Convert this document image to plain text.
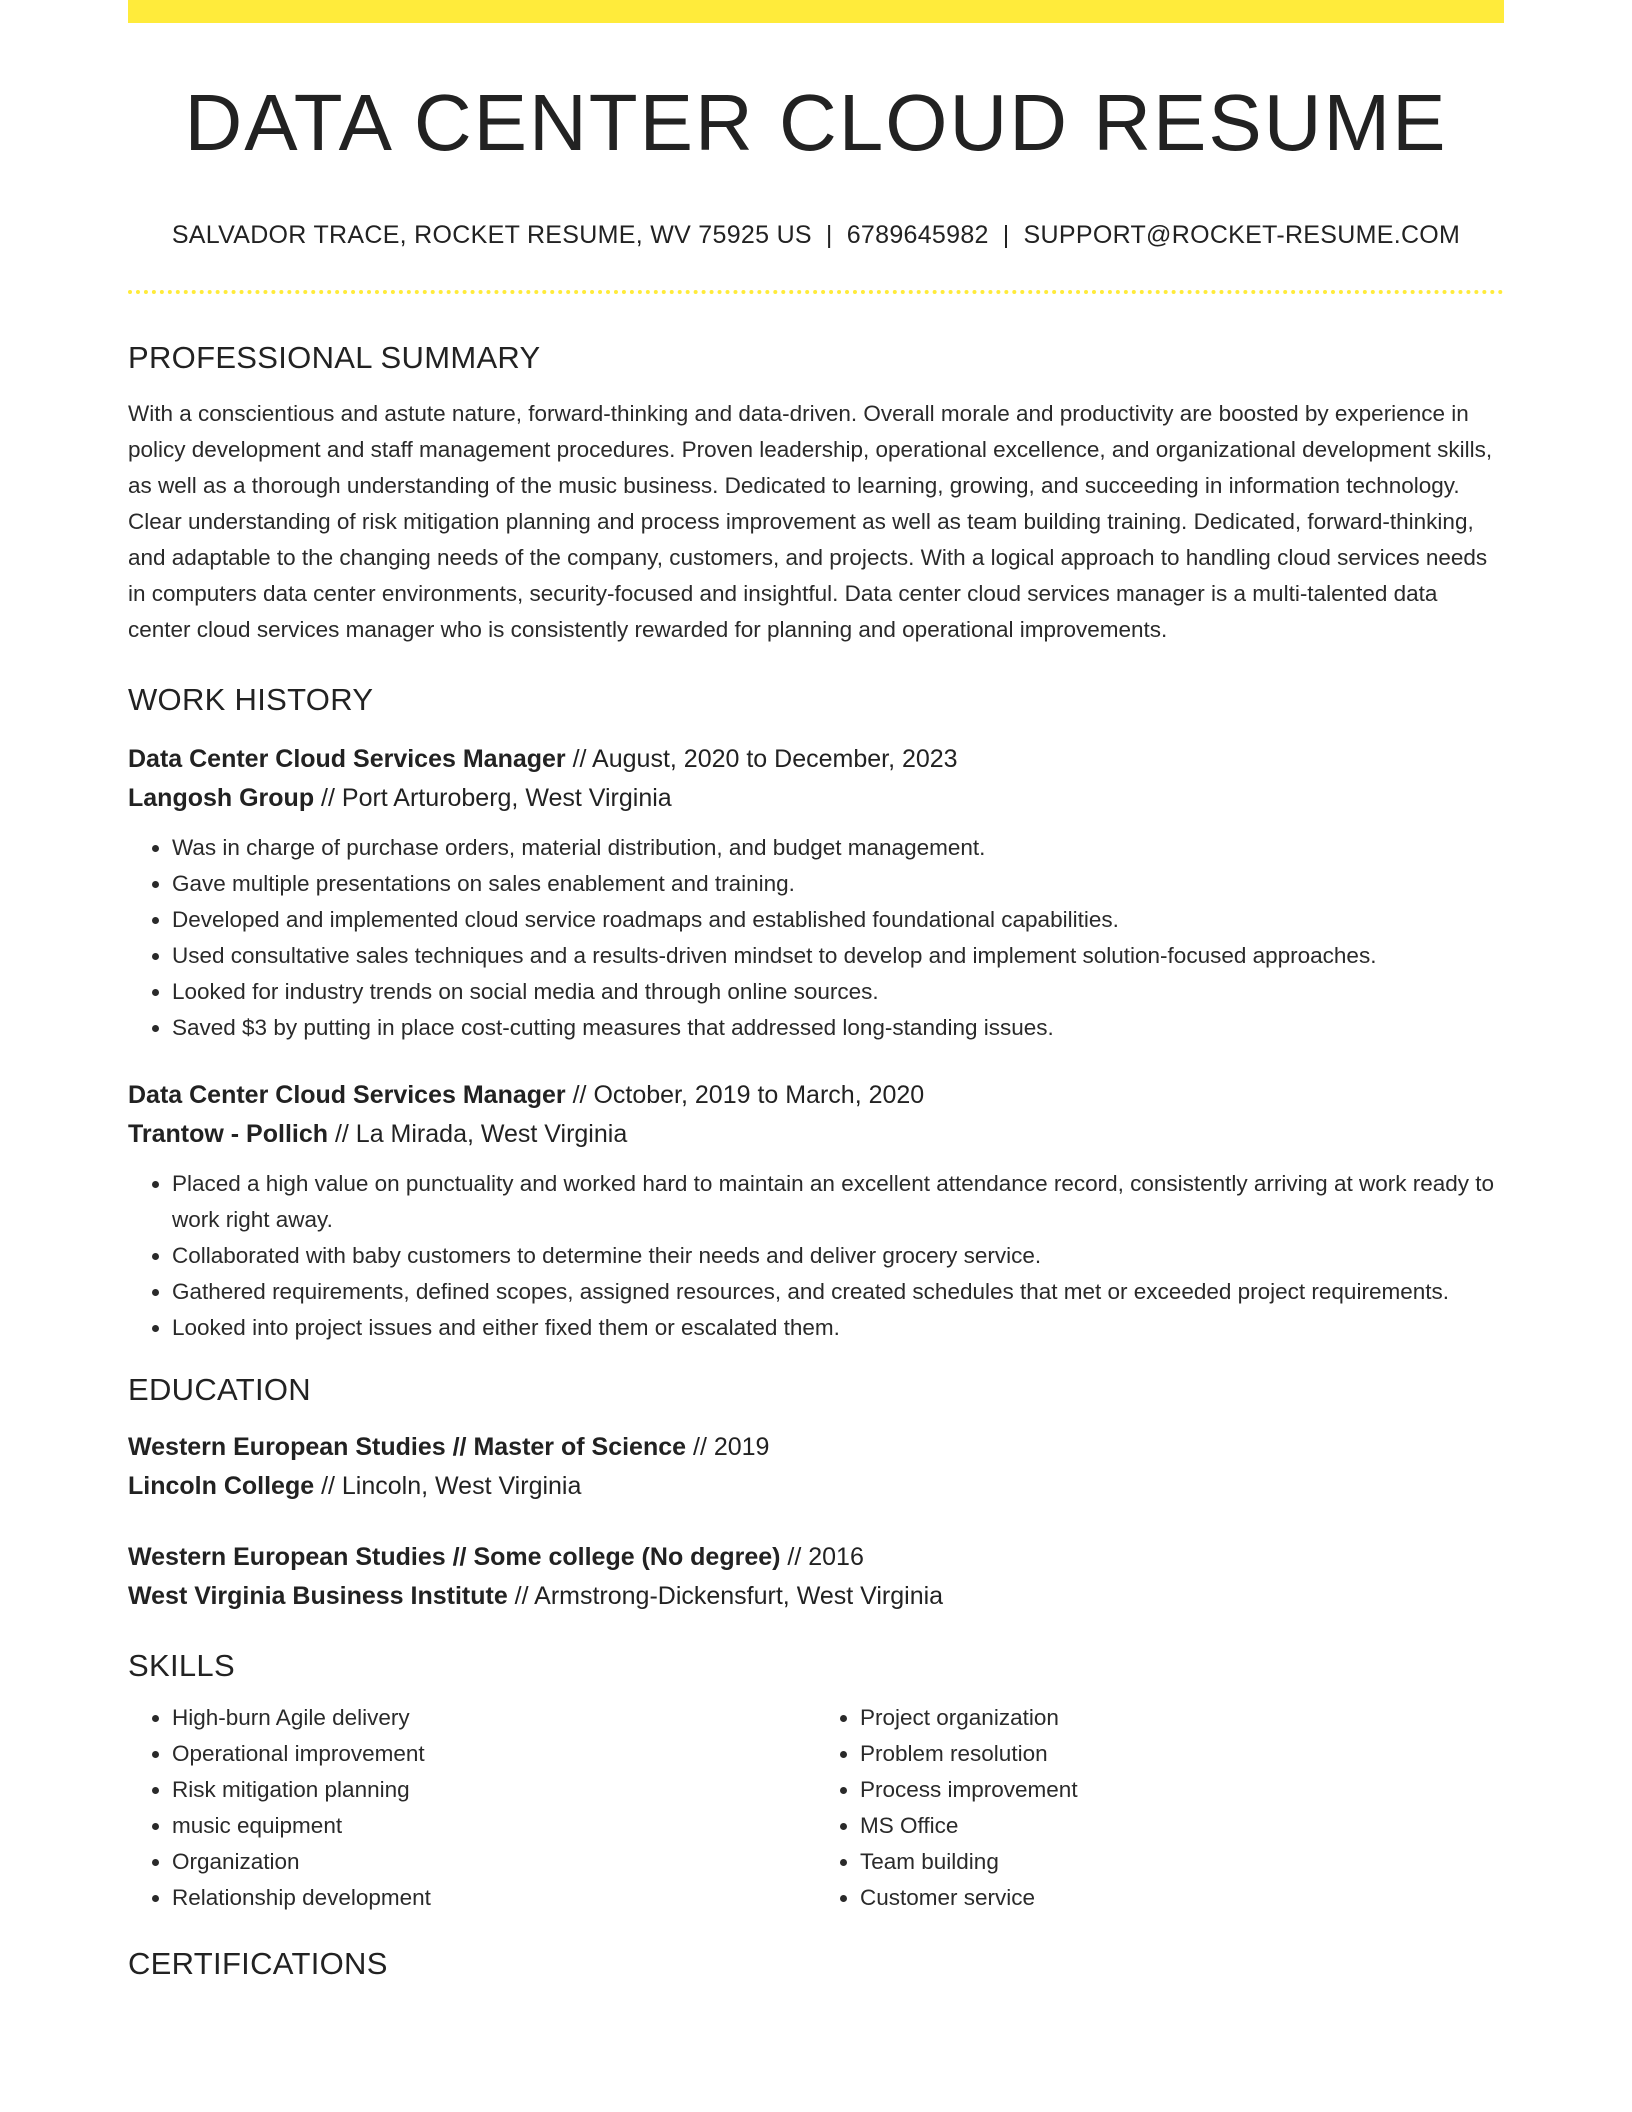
DATA CENTER CLOUD RESUME
SALVADOR TRACE, ROCKET RESUME, WV 75925 US | 6789645982 | SUPPORT@ROCKET-RESUME.COM
PROFESSIONAL SUMMARY

With a conscientious and astute nature, forward-thinking and data-driven. Overall morale and productivity are boosted by experience in policy development and staff management procedures. Proven leadership, operational excellence, and organizational development skills, as well as a thorough understanding of the music business. Dedicated to learning, growing, and succeeding in information technology. Clear understanding of risk mitigation planning and process improvement as well as team building training. Dedicated, forward-thinking, and adaptable to the changing needs of the company, customers, and projects. With a logical approach to handling cloud services needs in computers data center environments, security-focused and insightful. Data center cloud services manager is a multi-talented data center cloud services manager who is consistently rewarded for planning and operational improvements.

WORK HISTORY
Data Center Cloud Services Manager // August, 2020 to December, 2023
Langosh Group // Port Arturoberg, West Virginia
• Was in charge of purchase orders, material distribution, and budget management.
• Gave multiple presentations on sales enablement and training.
• Developed and implemented cloud service roadmaps and established foundational capabilities.
• Used consultative sales techniques and a results-driven mindset to develop and implement solution-focused approaches.
• Looked for industry trends on social media and through online sources.
• Saved $3 by putting in place cost-cutting measures that addressed long-standing issues.
Data Center Cloud Services Manager // October, 2019 to March, 2020
Trantow - Pollich // La Mirada, West Virginia
• Placed a high value on punctuality and worked hard to maintain an excellent attendance record, consistently arriving at work ready to work right away.
• Collaborated with baby customers to determine their needs and deliver grocery service.
• Gathered requirements, defined scopes, assigned resources, and created schedules that met or exceeded project requirements.
• Looked into project issues and either fixed them or escalated them.
EDUCATION
Western European Studies // Master of Science // 2019
Lincoln College // Lincoln, West Virginia
Western European Studies // Some college (No degree) // 2016
West Virginia Business Institute // Armstrong-Dickensfurt, West Virginia
SKILLS
• High-burn Agile delivery
• Operational improvement
• Risk mitigation planning
• music equipment
• Organization
• Relationship development
• Project organization
• Problem resolution
• Process improvement
• MS Office
• Team building
• Customer service
CERTIFICATIONS
